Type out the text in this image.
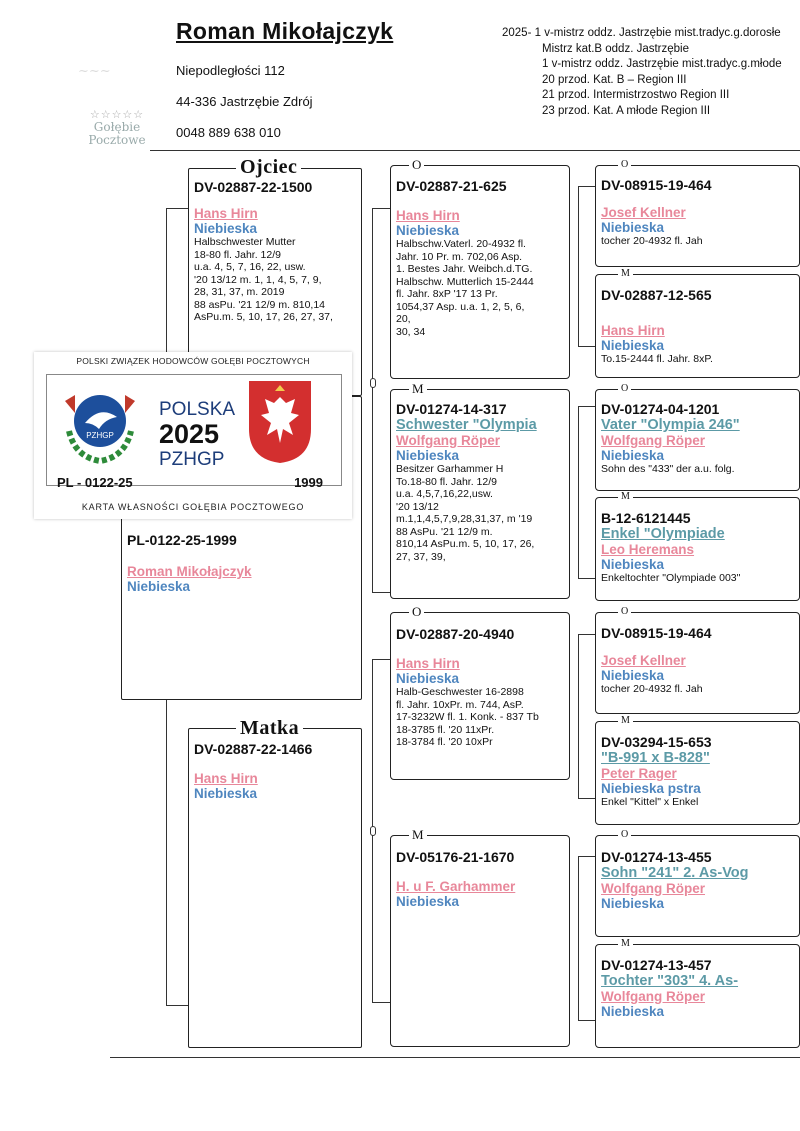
Roman Mikołajczyk
Niepodległości 112
44-336 Jastrzębie Zdrój
0048 889 638 010
~~~
☆☆☆☆☆
Gołębie
Pocztowe
2025- 1 v-mistrz oddz. Jastrzębie mist.tradyc.g.dorosłe
Mistrz kat.B oddz. Jastrzębie
1 v-mistrz oddz. Jastrzębie mist.tradyc.g.młode
20 przod. Kat. B – Region III
21 przod. Intermistrzostwo Region III
23 przod. Kat. A młode Region III
DV-02887-22-1500
Hans Hirn
Niebieska
Halbschwester Mutter
18-80 fl. Jahr. 12/9
u.a. 4, 5, 7, 16, 22, usw.
'20 13/12 m. 1, 1, 4, 5, 7, 9,
28, 31, 37, m. 2019
88 asPu. '21 12/9 m. 810,14
AsPu.m. 5, 10, 17, 26, 27, 37,
Ojciec
PL-0122-25-1999
Roman Mikołajczyk
Niebieska
DV-02887-22-1466
Hans Hirn
Niebieska
Matka
O
DV-02887-21-625
Hans Hirn
Niebieska
Halbschw.Vaterl. 20-4932 fl.
Jahr. 10 Pr. m. 702,06 Asp.
1. Bestes Jahr. Weibch.d.TG.
Halbschw. Mutterlich 15-2444
fl. Jahr. 8xP '17 13 Pr.
1054,37 Asp. u.a. 1, 2, 5, 6,
20,
30, 34
M
DV-01274-14-317
Schwester "Olympia
Wolfgang Röper
Niebieska
Besitzer Garhammer H
To.18-80 fl. Jahr. 12/9
u.a. 4,5,7,16,22,usw.
'20 13/12
m.1,1,4,5,7,9,28,31,37, m '19
88 AsPu. '21 12/9 m.
810,14 AsPu.m. 5, 10, 17, 26,
27, 37, 39,
O
DV-02887-20-4940
Hans Hirn
Niebieska
Halb-Geschwester 16-2898
fl. Jahr. 10xPr. m. 744, AsP.
17-3232W fl. 1. Konk. - 837 Tb
18-3785 fl. '20 11xPr.
18-3784 fl. '20 10xPr
M
DV-05176-21-1670
H. u F. Garhammer
Niebieska
O
DV-08915-19-464
Josef Kellner
Niebieska
tocher 20-4932 fl. Jah
M
DV-02887-12-565
Hans Hirn
Niebieska
To.15-2444 fl. Jahr. 8xP.
O
DV-01274-04-1201
Vater "Olympia 246"
Wolfgang Röper
Niebieska
Sohn des "433" der a.u. folg.
M
B-12-6121445
Enkel "Olympiade
Leo Heremans
Niebieska
Enkeltochter "Olympiade 003"
O
DV-08915-19-464
Josef Kellner
Niebieska
tocher 20-4932 fl. Jah
M
DV-03294-15-653
"B-991 x B-828"
Peter Rager
Niebieska pstra
Enkel "Kittel" x Enkel
O
DV-01274-13-455
Sohn "241" 2. As-Vog
Wolfgang Röper
Niebieska
M
DV-01274-13-457
Tochter "303" 4. As-
Wolfgang Röper
Niebieska
POLSKI ZWIĄZEK HODOWCÓW GOŁĘBI POCZTOWYCH
PZHGP
POLSKA
2025
PZHGP
PL - 0122-25	1999
KARTA WŁASNOŚCI GOŁĘBIA POCZTOWEGO
